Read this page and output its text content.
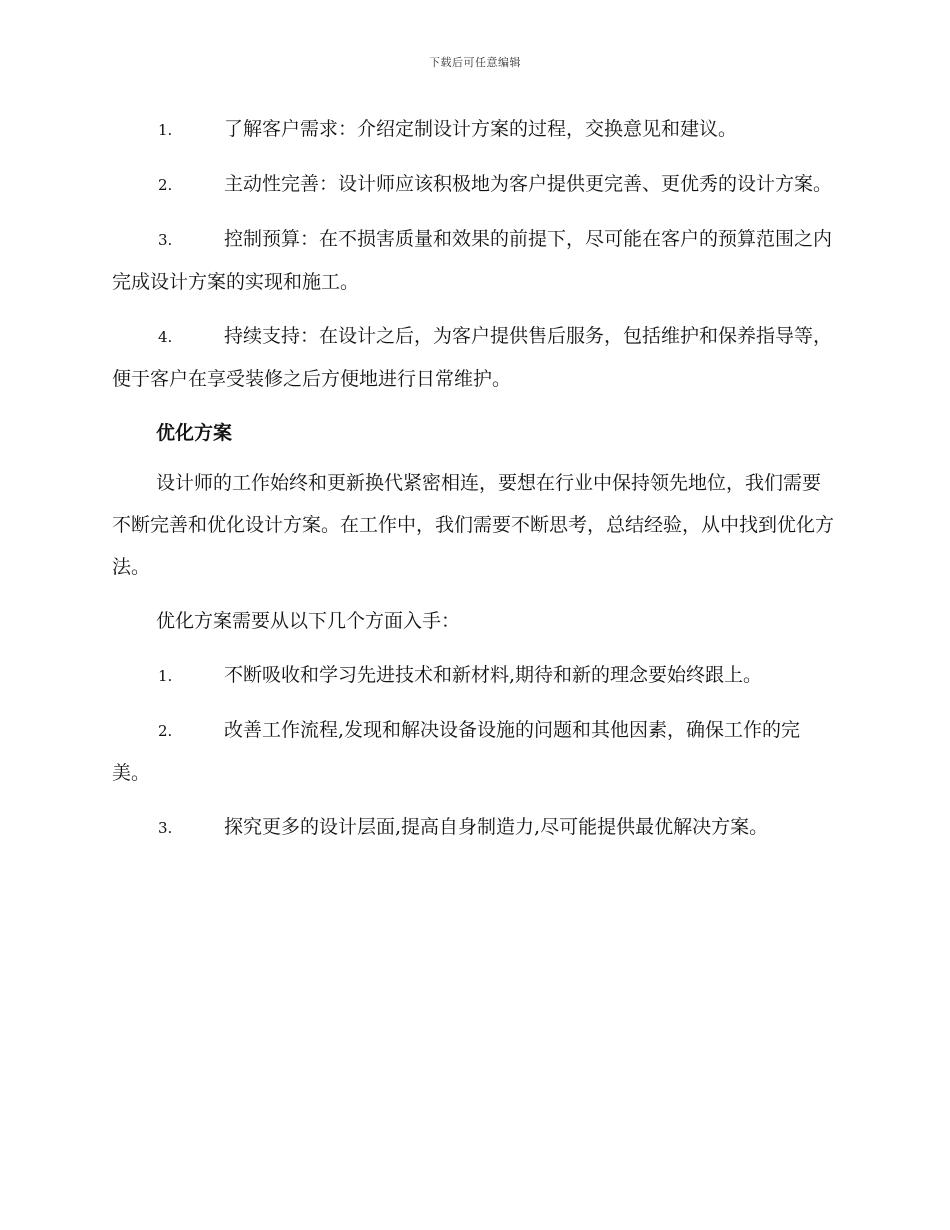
下载后可任意编辑
1.	了解客户需求：介绍定制设计方案的过程，交换意见和建议。
2.	主动性完善：设计师应该积极地为客户提供更完善、更优秀的设计方案。
3.	控制预算：在不损害质量和效果的前提下，尽可能在客户的预算范围之内完成设计方案的实现和施工。
4.	持续支持：在设计之后，为客户提供售后服务，包括维护和保养指导等，便于客户在享受装修之后方便地进行日常维护。
优化方案
设计师的工作始终和更新换代紧密相连，要想在行业中保持领先地位，我们需要不断完善和优化设计方案。在工作中，我们需要不断思考，总结经验，从中找到优化方法。
优化方案需要从以下几个方面入手：
1.	不断吸收和学习先进技术和新材料,期待和新的理念要始终跟上。
2.	改善工作流程,发现和解决设备设施的问题和其他因素，确保工作的完美。
3.	探究更多的设计层面,提高自身制造力,尽可能提供最优解决方案。
